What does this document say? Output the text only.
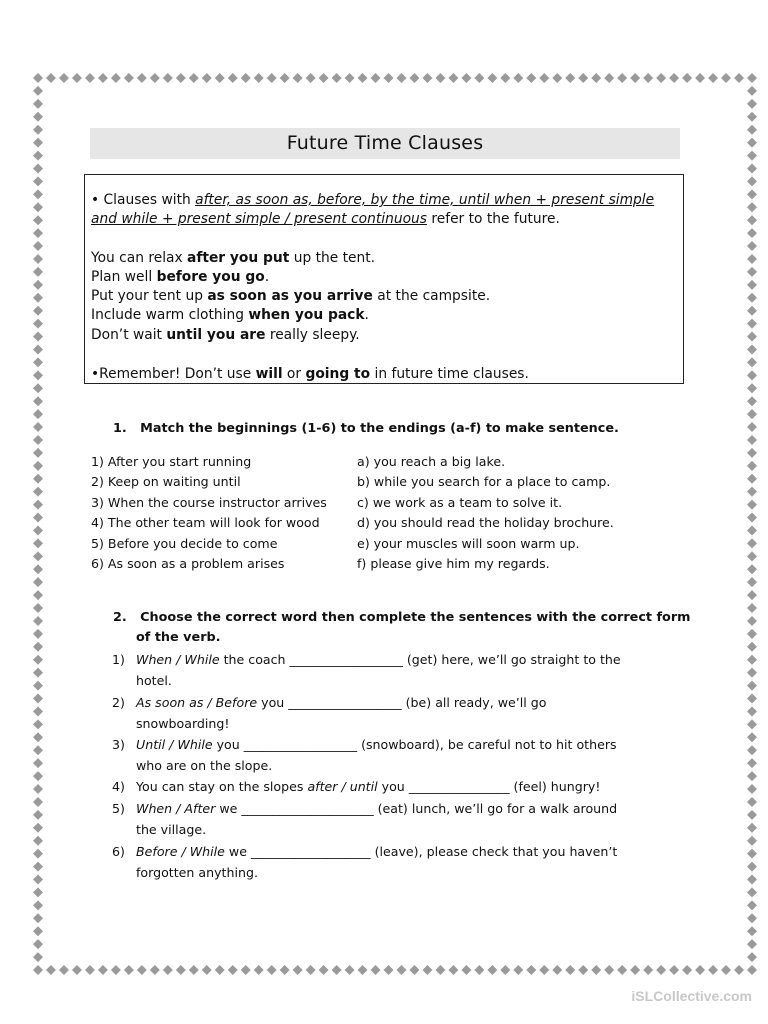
Future Time Clauses
• Clauses with after, as soon as, before, by the time, until when + present simple
and while + present simple / present continuous refer to the future.
You can relax after you put up the tent.
Plan well before you go.
Put your tent up as soon as you arrive at the campsite.
Include warm clothing when you pack.
Don’t wait until you are really sleepy.
•Remember! Don’t use will or going to in future time clauses.
1. Match the beginnings (1-6) to the endings (a-f) to make sentence.
1) After you start running
2) Keep on waiting until
3) When the course instructor arrives
4) The other team will look for wood
5) Before you decide to come
6) As soon as a problem arises
a) you reach a big lake.
b) while you search for a place to camp.
c) we work as a team to solve it.
d) you should read the holiday brochure.
e) your muscles will soon warm up.
f) please give him my regards.
2. Choose the correct word then complete the sentences with the correct form
of the verb.
1) When / While the coach __________________ (get) here, we’ll go straight to the
hotel.
2) As soon as / Before you __________________ (be) all ready, we’ll go
snowboarding!
3) Until / While you __________________ (snowboard), be careful not to hit others
who are on the slope.
4) You can stay on the slopes after / until you ________________ (feel) hungry!
5) When / After we _____________________ (eat) lunch, we’ll go for a walk around
the village.
6) Before / While we ___________________ (leave), please check that you haven’t
forgotten anything.
iSLCollective.com
